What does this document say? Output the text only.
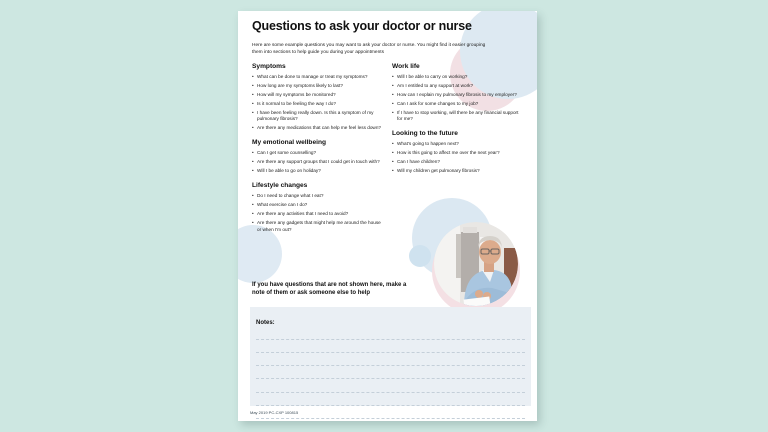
Questions to ask your doctor or nurse

Here are some example questions you may want to ask your doctor or nurse. You might find it easier grouping them into sections to help guide you during your appointments

Symptoms
• What can be done to manage or treat my symptoms?
• How long are my symptoms likely to last?
• How will my symptoms be monitored?
• Is it normal to be feeling the way I do?
• I have been feeling really down. Is this a symptom of my pulmonary fibrosis?
• Are there any medications that can help me feel less down?
My emotional wellbeing
• Can I get some counselling?
• Are there any support groups that I could get in touch with?
• Will I be able to go on holiday?
Lifestyle changes
• Do I need to change what I eat?
• What exercise can I do?
• Are there any activities that I need to avoid?
• Are there any gadgets that might help me around the house or when I'm out?
Work life
• Will I be able to carry on working?
• Am I entitled to any support at work?
• How can I explain my pulmonary fibrosis to my employer?
• Can I ask for some changes to my job?
• If I have to stop working, will there be any financial support for me?
Looking to the future
• What's going to happen next?
• How is this going to affect me over the next year?
• Can I have children?
• Will my children get pulmonary fibrosis?

If you have questions that are not shown here, make a note of them or ask someone else to help

Notes:

May 2019 PC-CXP 100815
